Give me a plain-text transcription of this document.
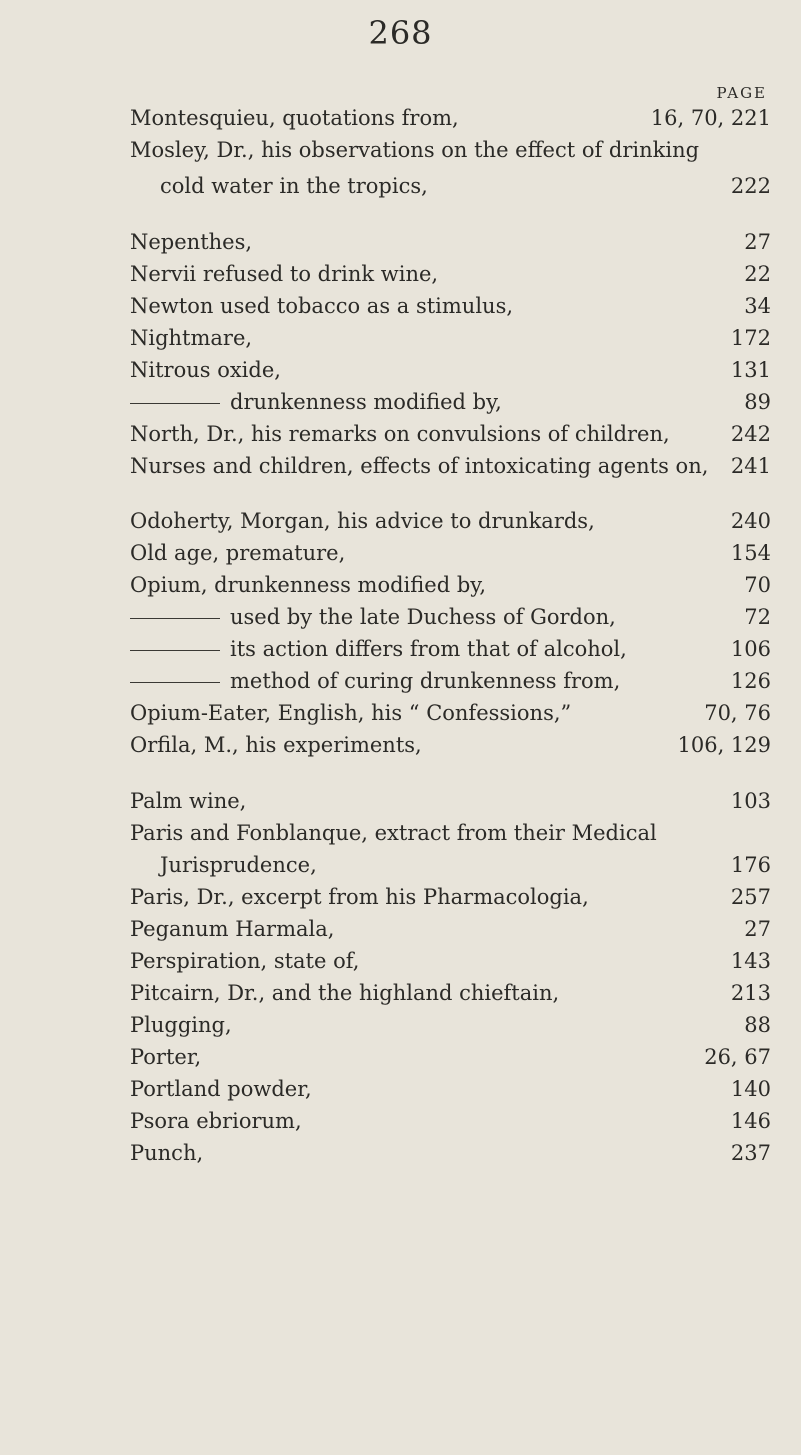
268
PAGE
Montesquieu, quotations from,	16, 70, 221
Mosley, Dr., his observations on the effect of drinking
cold water in the tropics,	222
Nepenthes,	27
Nervii refused to drink wine,	22
Newton used tobacco as a stimulus,	34
Nightmare,	172
Nitrous oxide,	131
drunkenness modified by,	89
North, Dr., his remarks on convulsions of children,	242
Nurses and children, effects of intoxicating agents on, 241
Odoherty, Morgan, his advice to drunkards,	240
Old age, premature,	154
Opium, drunkenness modified by,	70
used by the late Duchess of Gordon,	72
its action differs from that of alcohol,	106
method of curing drunkenness from,	126
Opium-Eater, English, his “ Confessions,”	70, 76
Orfila, M., his experiments,	106, 129
Palm wine,	103
Paris and Fonblanque, extract from their Medical
Jurisprudence,	176
Paris, Dr., excerpt from his Pharmacologia,	257
Peganum Harmala,	27
Perspiration, state of,	143
Pitcairn, Dr., and the highland chieftain,	213
Plugging,	88
Porter,	26, 67
Portland powder,	140
Psora ebriorum,	146
Punch,	237
